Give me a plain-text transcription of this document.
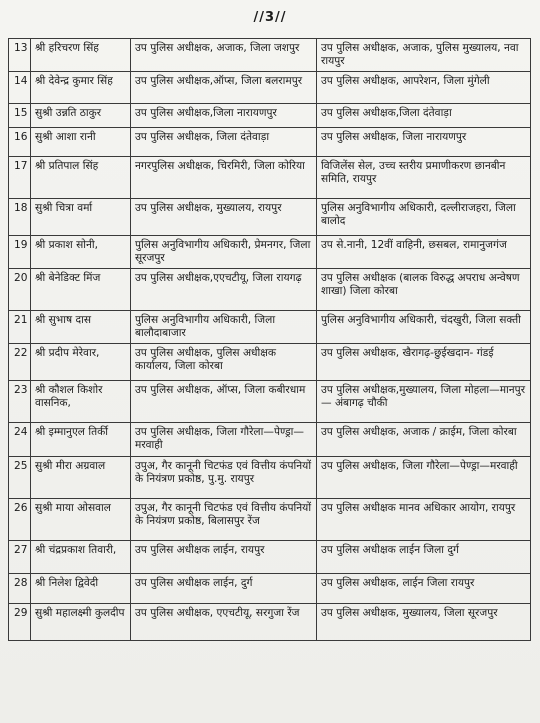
//3//
13	श्री हरिचरण सिंह	उप पुलिस अधीक्षक, अजाक, जिला जशपुर	उप पुलिस अधीक्षक, अजाक, पुलिस मुख्यालय, नवा रायपुर
14	श्री देवेन्द्र कुमार सिंह	उप पुलिस अधीक्षक,ऑप्स, जिला बलरामपुर	उप पुलिस अधीक्षक, आपरेशन, जिला मुंगेली
15	सुश्री उन्नति ठाकुर	उप पुलिस अधीक्षक,जिला नारायणपुर	उप पुलिस अधीक्षक,जिला दंतेवाड़ा
16	सुश्री आशा रानी	उप पुलिस अधीक्षक, जिला दंतेवाड़ा	उप पुलिस अधीक्षक, जिला नारायणपुर
17	श्री प्रतिपाल सिंह	नगरपुलिस अधीक्षक, चिरमिरी, जिला कोरिया	विजिलेंस सेल, उच्च स्तरीय प्रमाणीकरण छानबीन समिति, रायपुर
18	सुश्री चित्रा वर्मा	उप पुलिस अधीक्षक, मुख्यालय, रायपुर	पुलिस अनुविभागीय अधिकारी, दल्लीराजहरा, जिला बालोद
19	श्री प्रकाश सोनी,	पुलिस अनुविभागीय अधिकारी, प्रेमनगर, जिला सूरजपुर	उप से.नानी, 12वीं वाहिनी, छसबल, रामानुजगंज
20	श्री बेनेडिक्ट मिंज	उप पुलिस अधीक्षक,एएचटीयू, जिला रायगढ़	उप पुलिस अधीक्षक (बालक विरुद्ध अपराध अन्वेषण शाखा) जिला कोरबा
21	श्री सुभाष दास	पुलिस अनुविभागीय अधिकारी, जिला बालौदाबाजार	पुलिस अनुविभागीय अधिकारी, चंदखुरी, जिला सक्ती
22	श्री प्रदीप मेरेवार,	उप पुलिस अधीक्षक, पुलिस अधीक्षक कार्यालय, जिला कोरबा	उप पुलिस अधीक्षक, खैरागढ़-छुईखदान- गंडई
23	श्री कौशल किशोर वासनिक,	उप पुलिस अधीक्षक, ऑप्स, जिला कबीरधाम	उप पुलिस अधीक्षक,मुख्यालय, जिला मोहला—मानपुर— अंबागढ़ चौकी
24	श्री इम्मानुएल तिर्की	उप पुलिस अधीक्षक, जिला गौरेला—पेण्ड्रा—मरवाही	उप पुलिस अधीक्षक, अजाक / क्राईम, जिला कोरबा
25	सुश्री मीरा अग्रवाल	उपुअ, गैर कानूनी चिटफंड एवं वित्तीय कंपनियों के नियंत्रण प्रकोष्ठ, पु.मु. रायपुर	उप पुलिस अधीक्षक, जिला गौरेला—पेण्ड्रा—मरवाही
26	सुश्री माया ओसवाल	उपुअ, गैर कानूनी चिटफंड एवं वित्तीय कंपनियों के नियंत्रण प्रकोष्ठ, बिलासपुर रेंज	उप पुलिस अधीक्षक मानव अधिकार आयोग, रायपुर
27	श्री चंद्रप्रकाश तिवारी,	उप पुलिस अधीक्षक लाईन, रायपुर	उप पुलिस अधीक्षक लाईन जिला दुर्ग
28	श्री निलेश द्विवेदी	उप पुलिस अधीक्षक लाईन, दुर्ग	उप पुलिस अधीक्षक, लाईन जिला रायपुर
29	सुश्री महालक्ष्मी कुलदीप	उप पुलिस अधीक्षक, एएचटीयू, सरगुजा रेंज	उप पुलिस अधीक्षक, मुख्यालय, जिला सूरजपुर
